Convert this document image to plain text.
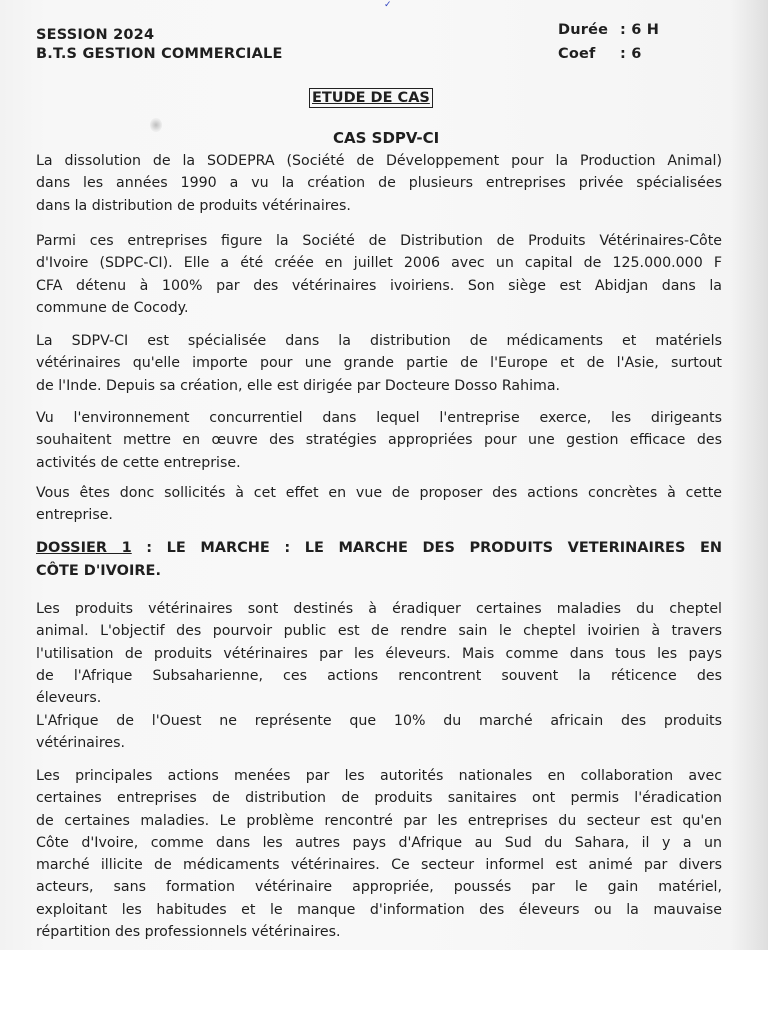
✓
SESSION 2024
B.T.S GESTION COMMERCIALE
Durée : 6 H
Coef : 6
ETUDE DE CAS
CAS SDPV-CI
La dissolution de la SODEPRA (Société de Développement pour la Production Animal)
dans les années 1990 a vu la création de plusieurs entreprises privée spécialisées
dans la distribution de produits vétérinaires.
Parmi ces entreprises figure la Société de Distribution de Produits Vétérinaires-Côte
d'Ivoire (SDPC-CI). Elle a été créée en juillet 2006 avec un capital de 125.000.000 F
CFA détenu à 100% par des vétérinaires ivoiriens. Son siège est Abidjan dans la
commune de Cocody.
La SDPV-CI est spécialisée dans la distribution de médicaments et matériels
vétérinaires qu'elle importe pour une grande partie de l'Europe et de l'Asie, surtout
de l'Inde. Depuis sa création, elle est dirigée par Docteure Dosso Rahima.
Vu l'environnement concurrentiel dans lequel l'entreprise exerce, les dirigeants
souhaitent mettre en œuvre des stratégies appropriées pour une gestion efficace des
activités de cette entreprise.
Vous êtes donc sollicités à cet effet en vue de proposer des actions concrètes à cette
entreprise.
DOSSIER 1 : LE MARCHE : LE MARCHE DES PRODUITS VETERINAIRES EN
CÔTE D'IVOIRE.
Les produits vétérinaires sont destinés à éradiquer certaines maladies du cheptel
animal. L'objectif des pourvoir public est de rendre sain le cheptel ivoirien à travers
l'utilisation de produits vétérinaires par les éleveurs. Mais comme dans tous les pays
de l'Afrique Subsaharienne, ces actions rencontrent souvent la réticence des
éleveurs.
L'Afrique de l'Ouest ne représente que 10% du marché africain des produits
vétérinaires.
Les principales actions menées par les autorités nationales en collaboration avec
certaines entreprises de distribution de produits sanitaires ont permis l'éradication
de certaines maladies. Le problème rencontré par les entreprises du secteur est qu'en
Côte d'Ivoire, comme dans les autres pays d'Afrique au Sud du Sahara, il y a un
marché illicite de médicaments vétérinaires. Ce secteur informel est animé par divers
acteurs, sans formation vétérinaire appropriée, poussés par le gain matériel,
exploitant les habitudes et le manque d'information des éleveurs ou la mauvaise
répartition des professionnels vétérinaires.
